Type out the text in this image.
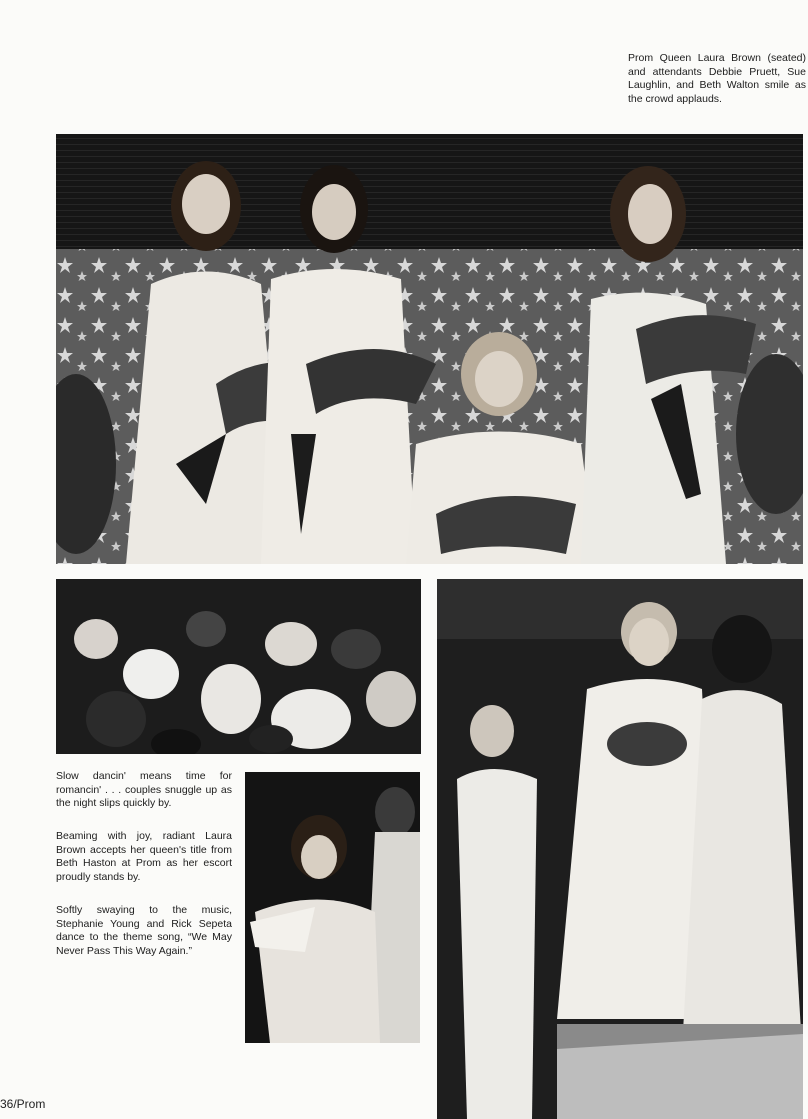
Prom Queen Laura Brown (seated) and attendants Debbie Pruett, Sue Laughlin, and Beth Walton smile as the crowd applauds.

Slow dancin' means time for romancin' . . . couples snuggle up as the night slips quickly by.

Beaming with joy, radiant Laura Brown accepts her queen's title from Beth Haston at Prom as her escort proudly stands by.

Softly swaying to the music, Stephanie Young and Rick Sepeta dance to the theme song, “We May Never Pass This Way Again.”

36/Prom
